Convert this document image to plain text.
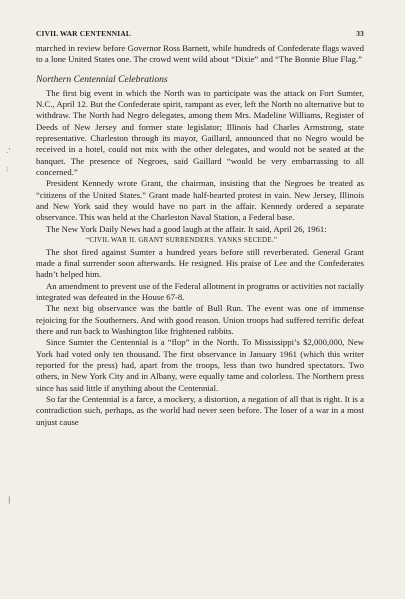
CIVIL WAR CENTENNIAL	33
.’
:
|

marched in review before Governor Ross Barnett, while hundreds of Confederate flags waved to a lone United States one. The crowd went wild about “Dixie” and “The Bonnie Blue Flag.”

Northern Centennial Celebrations

The first big event in which the North was to participate was the attack on Fort Sumter, N.C., April 12. But the Confederate spirit, rampant as ever, left the North no alternative but to withdraw. The North had Negro delegates, among them Mrs. Madeline Williams, Register of Deeds of New Jersey and former state legislator; Illinois had Charles Armstrong, state representative. Charleston through its mayor, Gaillard, announced that no Negro would be received in a hotel, could not mix with the other delegates, and would not be seated at the banquet. The presence of Negroes, said Gaillard “would be very embarrassing to all concerned.”

President Kennedy wrote Grant, the chairman, insisting that the Negroes be treated as “citizens of the United States.” Grant made half-hearted protest in vain. New Jersey, Illinois and New York said they would have no part in the affair. Kennedy ordered a separate observance. This was held at the Charleston Naval Station, a Federal base.

The New York Daily News had a good laugh at the affair. It said, April 26, 1961:

“CIVIL WAR II. GRANT SURRENDERS. YANKS SECEDE.”

The shot fired against Sumter a hundred years before still reverberated. General Grant made a final surrender soon afterwards. He resigned. His praise of Lee and the Confederates hadn’t helped him.

An amendment to prevent use of the Federal allotment in programs or activities not racially integrated was defeated in the House 67-8.

The next big observance was the battle of Bull Run. The event was one of immense rejoicing for the Southerners. And with good reason. Union troops had suffered terrific defeat there and run back to Washington like frightened rabbits.

Since Sumter the Centennial is a “flop” in the North. To Mississippi’s $2,000,000, New York had voted only ten thousand. The first observance in January 1961 (which this writer reported for the press) had, apart from the troops, less than two hundred spectators. Two others, in New York City and in Albany, were equally tame and colorless. The Northern press since has said little if anything about the Centennial.

So far the Centennial is a farce, a mockery, a distortion, a negation of all that is right. It is a contradiction such, perhaps, as the world had never seen before. The loser of a war in a most unjust cause
